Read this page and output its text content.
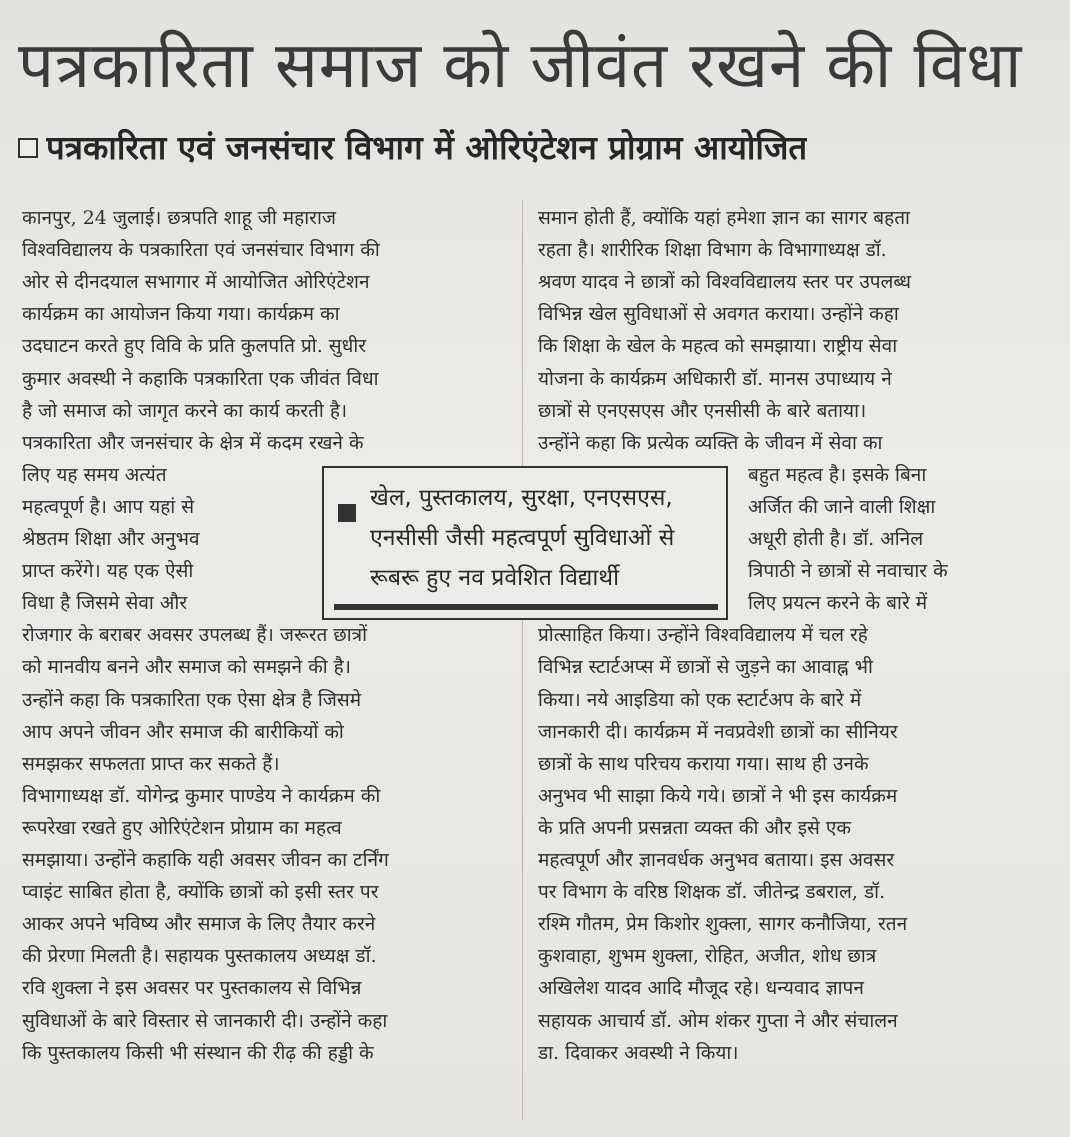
पत्रकारिता समाज को जीवंत रखने की विधा
पत्रकारिता एवं जनसंचार विभाग में ओरिएंटेशन प्रोग्राम आयोजित
कानपुर, 24 जुलाई। छत्रपति शाहू जी महाराज
विश्वविद्यालय के पत्रकारिता एवं जनसंचार विभाग की
ओर से दीनदयाल सभागार में आयोजित ओरिएंटेशन
कार्यक्रम का आयोजन किया गया। कार्यक्रम का
उदघाटन करते हुए विवि के प्रति कुलपति प्रो. सुधीर
कुमार अवस्थी ने कहाकि पत्रकारिता एक जीवंत विधा
है जो समाज को जागृत करने का कार्य करती है।
पत्रकारिता और जनसंचार के क्षेत्र में कदम रखने के
लिए यह समय अत्यंत
महत्वपूर्ण है। आप यहां से
श्रेष्ठतम शिक्षा और अनुभव
प्राप्त करेंगे। यह एक ऐसी
विधा है जिसमे सेवा और
रोजगार के बराबर अवसर उपलब्ध हैं। जरूरत छात्रों
को मानवीय बनने और समाज को समझने की है।
उन्होंने कहा कि पत्रकारिता एक ऐसा क्षेत्र है जिसमे
आप अपने जीवन और समाज की बारीकियों को
समझकर सफलता प्राप्त कर सकते हैं।
विभागाध्यक्ष डॉ. योगेन्द्र कुमार पाण्डेय ने कार्यक्रम की
रूपरेखा रखते हुए ओरिएंटेशन प्रोग्राम का महत्व
समझाया। उन्होंने कहाकि यही अवसर जीवन का टर्निंग
प्वाइंट साबित होता है, क्योंकि छात्रों को इसी स्तर पर
आकर अपने भविष्य और समाज के लिए तैयार करने
की प्रेरणा मिलती है। सहायक पुस्तकालय अध्यक्ष डॉ.
रवि शुक्ला ने इस अवसर पर पुस्तकालय से विभिन्न
सुविधाओं के बारे विस्तार से जानकारी दी। उन्होंने कहा
कि पुस्तकालय किसी भी संस्थान की रीढ़ की हड्डी के
समान होती हैं, क्योंकि यहां हमेशा ज्ञान का सागर बहता
रहता है। शारीरिक शिक्षा विभाग के विभागाध्यक्ष डॉ.
श्रवण यादव ने छात्रों को विश्वविद्यालय स्तर पर उपलब्ध
विभिन्न खेल सुविधाओं से अवगत कराया। उन्होंने कहा
कि शिक्षा के खेल के महत्व को समझाया। राष्ट्रीय सेवा
योजना के कार्यक्रम अधिकारी डॉ. मानस उपाध्याय ने
छात्रों से एनएसएस और एनसीसी के बारे बताया।
उन्होंने कहा कि प्रत्येक व्यक्ति के जीवन में सेवा का
बहुत महत्व है। इसके बिना
अर्जित की जाने वाली शिक्षा
अधूरी होती है। डॉ. अनिल
त्रिपाठी ने छात्रों से नवाचार के
लिए प्रयत्न करने के बारे में
प्रोत्साहित किया। उन्होंने विश्वविद्यालय में चल रहे
विभिन्न स्टार्टअप्स में छात्रों से जुड़ने का आवाह्न भी
किया। नये आइडिया को एक स्टार्टअप के बारे में
जानकारी दी। कार्यक्रम में नवप्रवेशी छात्रों का सीनियर
छात्रों के साथ परिचय कराया गया। साथ ही उनके
अनुभव भी साझा किये गये। छात्रों ने भी इस कार्यक्रम
के प्रति अपनी प्रसन्नता व्यक्त की और इसे एक
महत्वपूर्ण और ज्ञानवर्धक अनुभव बताया। इस अवसर
पर विभाग के वरिष्ठ शिक्षक डॉ. जीतेन्द्र डबराल, डॉ.
रश्मि गौतम, प्रेम किशोर शुक्ला, सागर कनौजिया, रतन
कुशवाहा, शुभम शुक्ला, रोहित, अजीत, शोध छात्र
अखिलेश यादव आदि मौजूद रहे। धन्यवाद ज्ञापन
सहायक आचार्य डॉ. ओम शंकर गुप्ता ने और संचालन
डा. दिवाकर अवस्थी ने किया।
खेल, पुस्तकालय, सुरक्षा, एनएसएस,
एनसीसी जैसी महत्वपूर्ण सुविधाओं से
रूबरू हुए नव प्रवेशित विद्यार्थी
